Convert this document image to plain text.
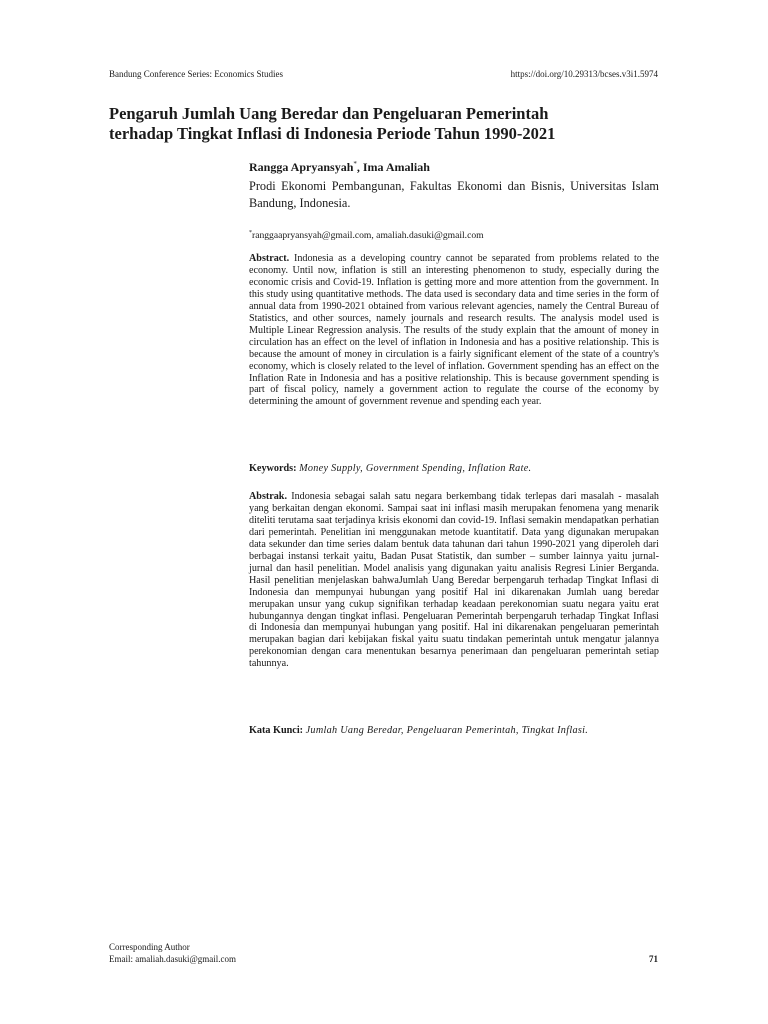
Bandung Conference Series: Economics Studies	https://doi.org/10.29313/bcses.v3i1.5974
Pengaruh Jumlah Uang Beredar dan Pengeluaran Pemerintah
terhadap Tingkat Inflasi di Indonesia Periode Tahun 1990-2021
Rangga Apryansyah*, Ima Amaliah
Prodi Ekonomi Pembangunan, Fakultas Ekonomi dan Bisnis, Universitas Islam Bandung, Indonesia.
*ranggaapryansyah@gmail.com, amaliah.dasuki@gmail.com

Abstract. Indonesia as a developing country cannot be separated from problems related to the economy. Until now, inflation is still an interesting phenomenon to study, especially during the economic crisis and Covid-19. Inflation is getting more and more attention from the government. In this study using quantitative methods. The data used is secondary data and time series in the form of annual data from 1990-2021 obtained from various relevant agencies, namely the Central Bureau of Statistics, and other sources, namely journals and research results. The analysis model used is Multiple Linear Regression analysis. The results of the study explain that the amount of money in circulation has an effect on the level of inflation in Indonesia and has a positive relationship. This is because the amount of money in circulation is a fairly significant element of the state of a country's economy, which is closely related to the level of inflation. Government spending has an effect on the Inflation Rate in Indonesia and has a positive relationship. This is because government spending is part of fiscal policy, namely a government action to regulate the course of the economy by determining the amount of government revenue and spending each year.

Keywords: Money Supply, Government Spending, Inflation Rate.

Abstrak. Indonesia sebagai salah satu negara berkembang tidak terlepas dari masalah - masalah yang berkaitan dengan ekonomi. Sampai saat ini inflasi masih merupakan fenomena yang menarik diteliti terutama saat terjadinya krisis ekonomi dan covid-19. Inflasi semakin mendapatkan perhatian dari pemerintah. Penelitian ini menggunakan metode kuantitatif. Data yang digunakan merupakan data sekunder dan time series dalam bentuk data tahunan dari tahun 1990-2021 yang diperoleh dari berbagai instansi terkait yaitu, Badan Pusat Statistik, dan sumber – sumber lainnya yaitu jurnal-jurnal dan hasil penelitian. Model analisis yang digunakan yaitu analisis Regresi Linier Berganda. Hasil penelitian menjelaskan bahwaJumlah Uang Beredar berpengaruh terhadap Tingkat Inflasi di Indonesia dan mempunyai hubungan yang positif Hal ini dikarenakan Jumlah uang beredar merupakan unsur yang cukup signifikan terhadap keadaan perekonomian suatu negara yaitu erat hubungannya dengan tingkat inflasi. Pengeluaran Pemerintah berpengaruh terhadap Tingkat Inflasi di Indonesia dan mempunyai hubungan yang positif. Hal ini dikarenakan pengeluaran pemerintah merupakan bagian dari kebijakan fiskal yaitu suatu tindakan pemerintah untuk mengatur jalannya perekonomian dengan cara menentukan besarnya penerimaan dan pengeluaran pemerintah setiap tahunnya.

Kata Kunci: Jumlah Uang Beredar, Pengeluaran Pemerintah, Tingkat Inflasi.
Corresponding Author
Email: amaliah.dasuki@gmail.com	71
